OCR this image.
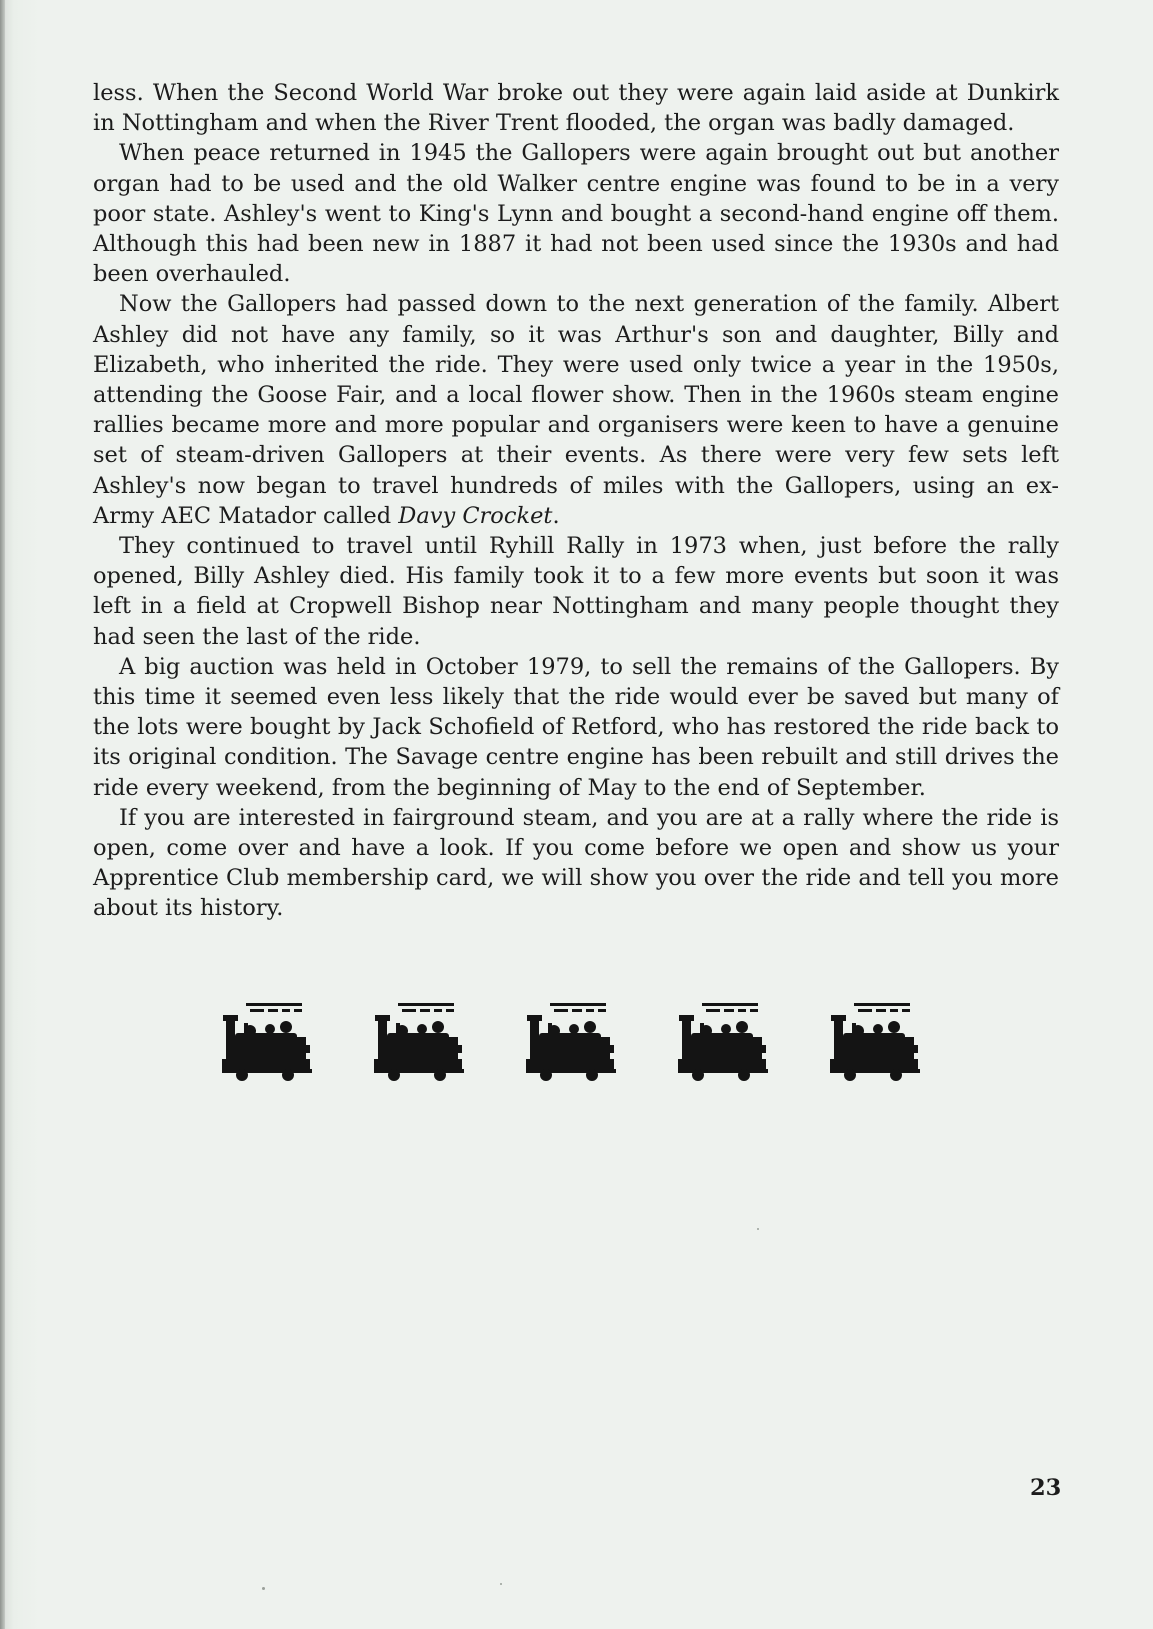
less. When the Second World War broke out they were again laid aside at Dunkirk in Nottingham and when the River Trent flooded, the organ was badly damaged.

When peace returned in 1945 the Gallopers were again brought out but another organ had to be used and the old Walker centre engine was found to be in a very poor state. Ashley's went to King's Lynn and bought a second-hand engine off them. Although this had been new in 1887 it had not been used since the 1930s and had been overhauled.

Now the Gallopers had passed down to the next generation of the family. Albert Ashley did not have any family, so it was Arthur's son and daughter, Billy and Elizabeth, who inherited the ride. They were used only twice a year in the 1950s, attending the Goose Fair, and a local flower show. Then in the 1960s steam engine rallies became more and more popular and organisers were keen to have a genuine set of steam-driven Gallopers at their events. As there were very few sets left Ashley's now began to travel hundreds of miles with the Gallopers, using an ex-Army AEC Matador called Davy Crocket.

They continued to travel until Ryhill Rally in 1973 when, just before the rally opened, Billy Ashley died. His family took it to a few more events but soon it was left in a field at Cropwell Bishop near Nottingham and many people thought they had seen the last of the ride.

A big auction was held in October 1979, to sell the remains of the Gallopers. By this time it seemed even less likely that the ride would ever be saved but many of the lots were bought by Jack Schofield of Retford, who has restored the ride back to its original condition. The Savage centre engine has been rebuilt and still drives the ride every weekend, from the beginning of May to the end of September.

If you are interested in fairground steam, and you are at a rally where the ride is open, come over and have a look. If you come before we open and show us your Apprentice Club membership card, we will show you over the ride and tell you more about its history.

23
